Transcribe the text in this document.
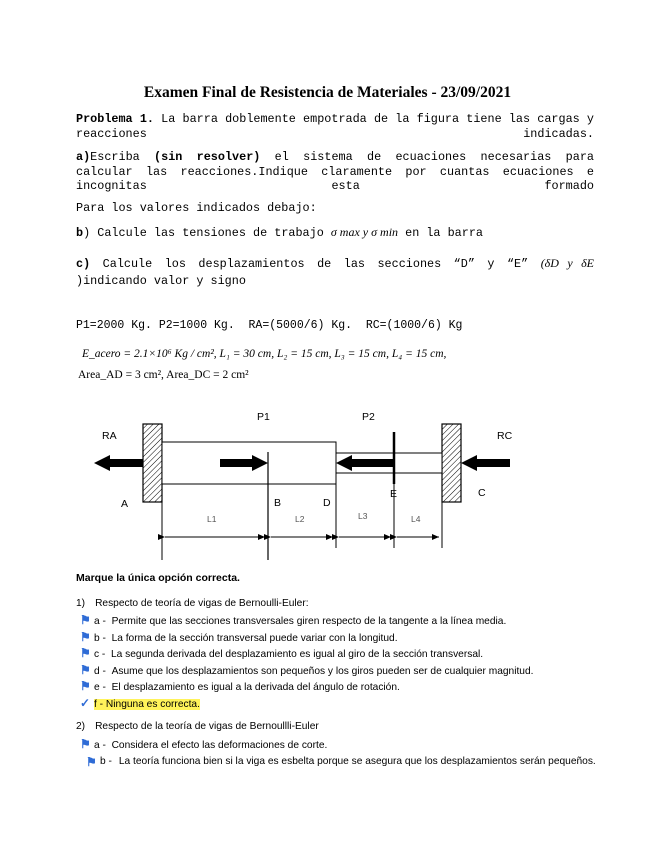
Examen Final de Resistencia de Materiales - 23/09/2021
Problema 1. La barra doblemente empotrada de la figura tiene las cargas y reacciones indicadas.
a)Escriba (sin resolver) el sistema de ecuaciones necesarias para calcular las reacciones.Indique claramente por cuantas ecuaciones e incognitas esta formado
Para los valores indicados debajo:
b) Calcule las tensiones de trabajo σ max y σ min en la barra
c) Calcule los desplazamientos de las secciones “D” y “E” (δD y δE
)indicando valor y signo
P1=2000 Kg. P2=1000 Kg.  RA=(5000/6) Kg.  RC=(1000/6) Kg
E_acero = 2.1×10⁶ Kg / cm², L₁ = 30 cm, L₂ = 15 cm, L₃ = 15 cm, L₄ = 15 cm,
Area_AD = 3 cm², Area_DC = 2 cm²
RA	RC
P1	P2
A	B	D
E	C
L1	L2	L3	L4
Marque la única opción correcta.
1) Respecto de teoría de vigas de Bernoulli-Euler:
⚑ a - Permite que las secciones transversales giren respecto de la tangente a la línea media.
⚑ b - La forma de la sección transversal puede variar con la longitud.
⚑ c - La segunda derivada del desplazamiento es igual al giro de la sección transversal.
⚑ d - Asume que los desplazamientos son pequeños y los giros pueden ser de cualquier magnitud.
⚑ e - El desplazamiento es igual a la derivada del ángulo de rotación.
✓ f - Ninguna es correcta.
2) Respecto de la teoría de vigas de Bernoullli-Euler
⚑ a - Considera el efecto las deformaciones de corte.
⚑ b - La teoría funciona bien si la viga es esbelta porque se asegura que los desplazamientos serán pequeños.
